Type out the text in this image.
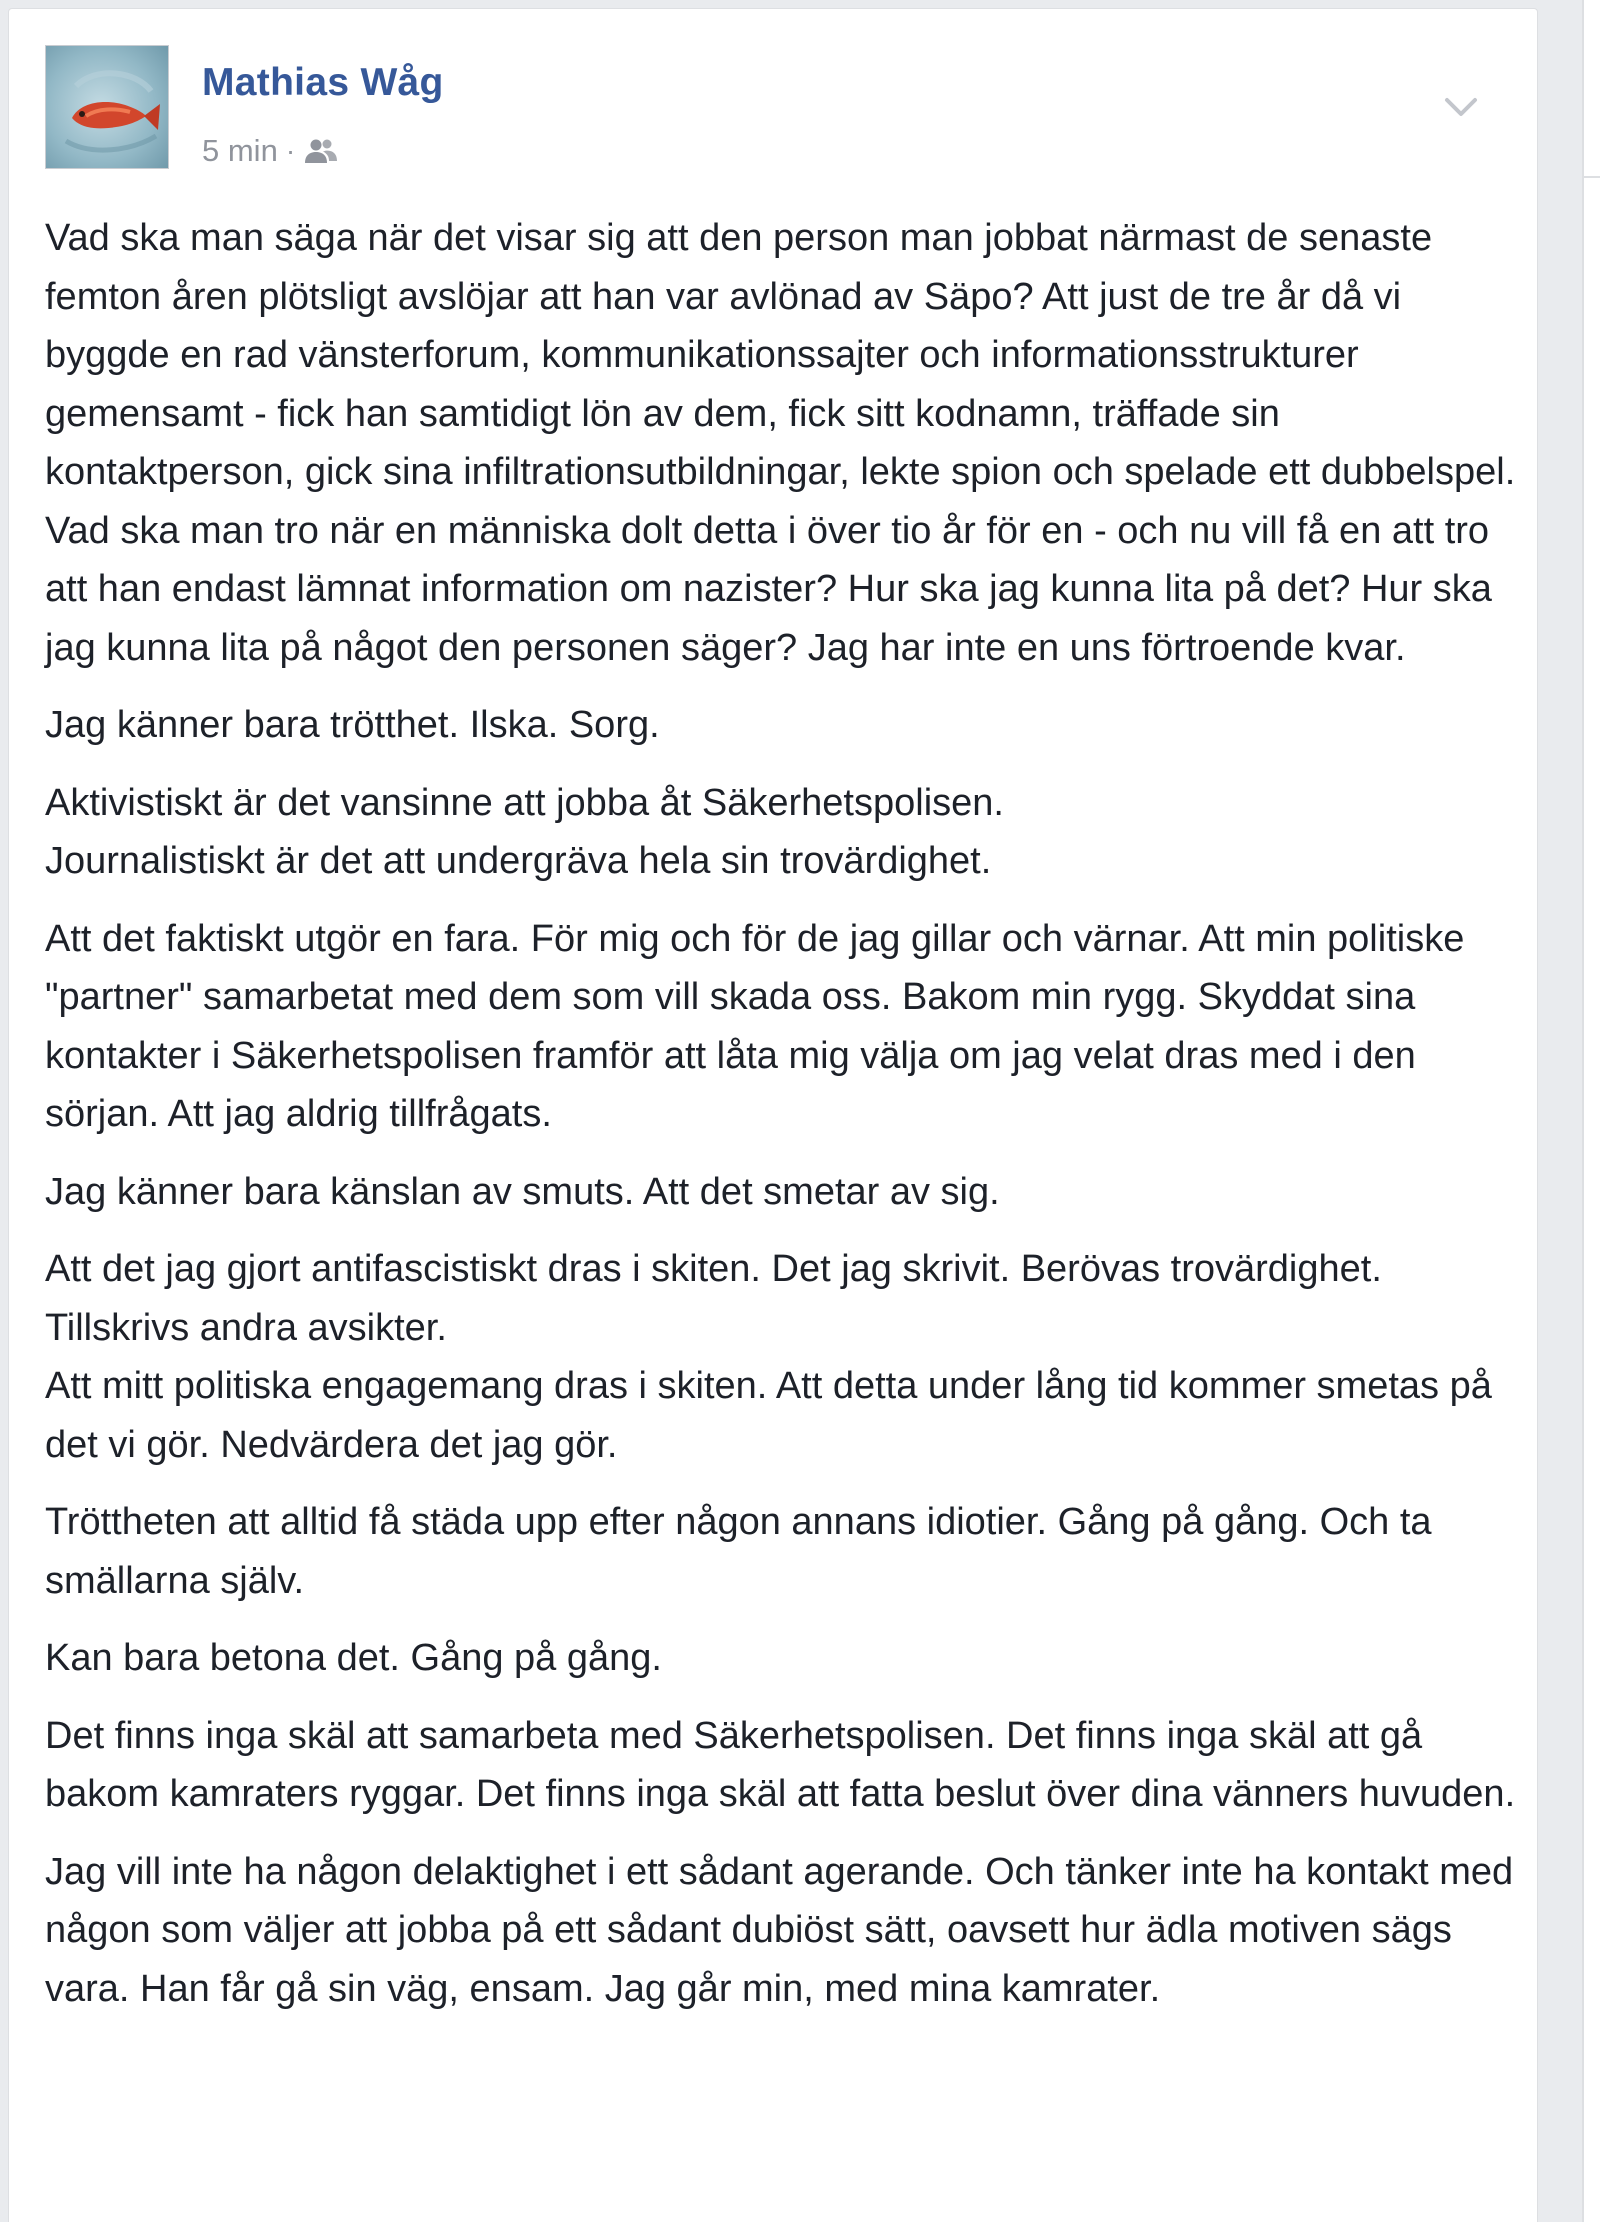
Mathias Wåg
5 min ·

Vad ska man säga när det visar sig att den person man jobbat närmast de senaste femton åren plötsligt avslöjar att han var avlönad av Säpo? Att just de tre år då vi byggde en rad vänsterforum, kommunikationssajter och informationsstrukturer gemensamt - fick han samtidigt lön av dem, fick sitt kodnamn, träffade sin kontaktperson, gick sina infiltrationsutbildningar, lekte spion och spelade ett dubbelspel. Vad ska man tro när en människa dolt detta i över tio år för en - och nu vill få en att tro att han endast lämnat information om nazister? Hur ska jag kunna lita på det? Hur ska jag kunna lita på något den personen säger? Jag har inte en uns förtroende kvar.

Jag känner bara trötthet. Ilska. Sorg.

Aktivistiskt är det vansinne att jobba åt Säkerhetspolisen.
Journalistiskt är det att undergräva hela sin trovärdighet.

Att det faktiskt utgör en fara. För mig och för de jag gillar och värnar. Att min politiske "partner" samarbetat med dem som vill skada oss. Bakom min rygg. Skyddat sina kontakter i Säkerhetspolisen framför att låta mig välja om jag velat dras med i den sörjan. Att jag aldrig tillfrågats.

Jag känner bara känslan av smuts. Att det smetar av sig.

Att det jag gjort antifascistiskt dras i skiten. Det jag skrivit. Berövas trovärdighet. Tillskrivs andra avsikter.
Att mitt politiska engagemang dras i skiten. Att detta under lång tid kommer smetas på det vi gör. Nedvärdera det jag gör.

Tröttheten att alltid få städa upp efter någon annans idiotier. Gång på gång. Och ta smällarna själv.

Kan bara betona det. Gång på gång.

Det finns inga skäl att samarbeta med Säkerhetspolisen. Det finns inga skäl att gå bakom kamraters ryggar. Det finns inga skäl att fatta beslut över dina vänners huvuden.

Jag vill inte ha någon delaktighet i ett sådant agerande. Och tänker inte ha kontakt med någon som väljer att jobba på ett sådant dubiöst sätt, oavsett hur ädla motiven sägs vara. Han får gå sin väg, ensam. Jag går min, med mina kamrater.
